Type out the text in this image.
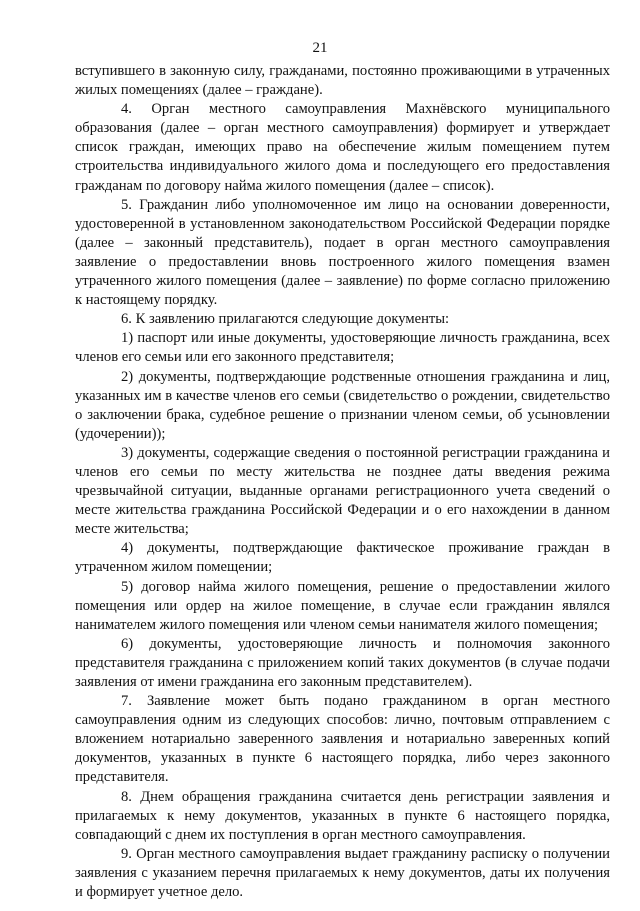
21

вступившего в законную силу, гражданами, постоянно проживающими в утраченных жилых помещениях (далее – граждане).

4. Орган местного самоуправления Махнёвского муниципального образования (далее – орган местного самоуправления) формирует и утверждает список граждан, имеющих право на обеспечение жилым помещением путем строительства индивидуального жилого дома и последующего его предоставления гражданам по договору найма жилого помещения (далее – список).

5. Гражданин либо уполномоченное им лицо на основании доверенности, удостоверенной в установленном законодательством Российской Федерации порядке (далее – законный представитель), подает в орган местного самоуправления заявление о предоставлении вновь построенного жилого помещения взамен утраченного жилого помещения (далее – заявление) по форме согласно приложению к настоящему порядку.

6. К заявлению прилагаются следующие документы:

1) паспорт или иные документы, удостоверяющие личность гражданина, всех членов его семьи или его законного представителя;

2) документы, подтверждающие родственные отношения гражданина и лиц, указанных им в качестве членов его семьи (свидетельство о рождении, свидетельство о заключении брака, судебное решение о признании членом семьи, об усыновлении (удочерении));

3) документы, содержащие сведения о постоянной регистрации гражданина и членов его семьи по месту жительства не позднее даты введения режима чрезвычайной ситуации, выданные органами регистрационного учета сведений о месте жительства гражданина Российской Федерации и о его нахождении в данном месте жительства;

4) документы, подтверждающие фактическое проживание граждан в утраченном жилом помещении;

5) договор найма жилого помещения, решение о предоставлении жилого помещения или ордер на жилое помещение, в случае если гражданин являлся нанимателем жилого помещения или членом семьи нанимателя жилого помещения;

6) документы, удостоверяющие личность и полномочия законного представителя гражданина с приложением копий таких документов (в случае подачи заявления от имени гражданина его законным представителем).

7. Заявление может быть подано гражданином в орган местного самоуправления одним из следующих способов: лично, почтовым отправлением с вложением нотариально заверенного заявления и нотариально заверенных копий документов, указанных в пункте 6 настоящего порядка, либо через законного представителя.

8. Днем обращения гражданина считается день регистрации заявления и прилагаемых к нему документов, указанных в пункте 6 настоящего порядка, совпадающий с днем их поступления в орган местного самоуправления.

9. Орган местного самоуправления выдает гражданину расписку о получении заявления с указанием перечня прилагаемых к нему документов, даты их получения и формирует учетное дело.
